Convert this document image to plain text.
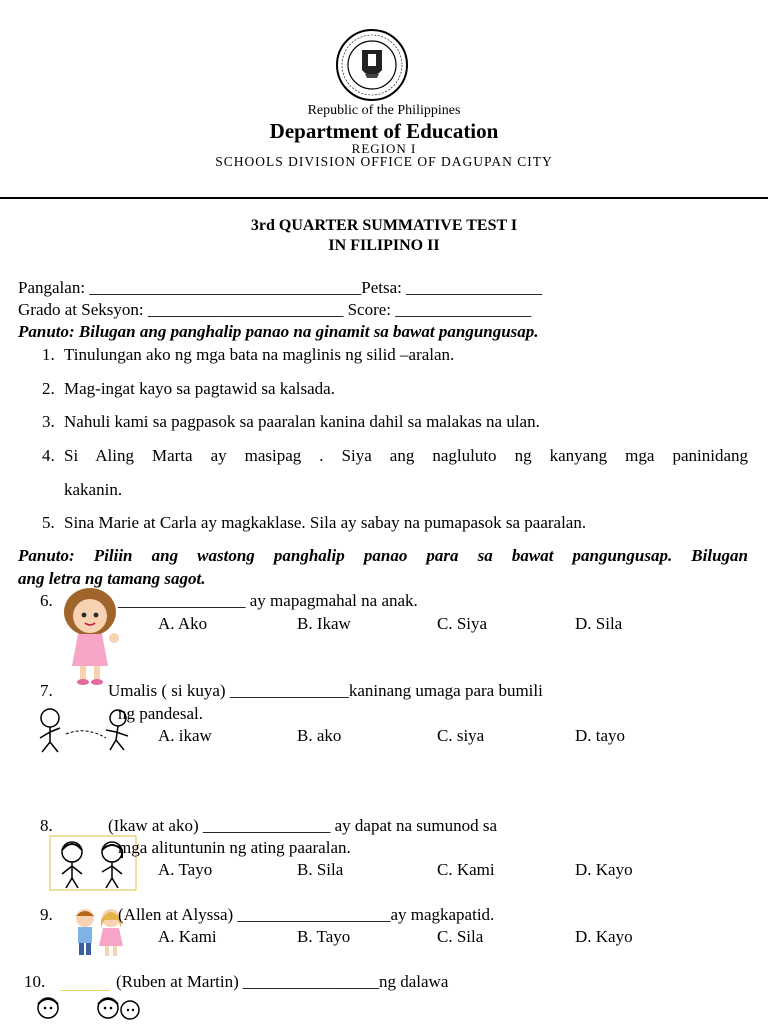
Republic of the Philippines
Department of Education
REGION I
SCHOOLS DIVISION OFFICE OF DAGUPAN CITY
3rd QUARTER SUMMATIVE TEST I
IN FILIPINO II
Pangalan: ________________________________Petsa: ________________
Grado at Seksyon: _______________________ Score: ________________
Panuto: Bilugan ang panghalip panao na ginamit sa bawat pangungusap.
1. Tinulungan ako ng mga bata na maglinis ng silid –aralan.
2. Mag-ingat kayo sa pagtawid sa kalsada.
3. Nahuli kami sa pagpasok sa paaralan kanina dahil sa malakas na ulan.
4. Si Aling Marta ay masipag . Siya ang nagluluto ng kanyang mga paninidang
kakanin.
5. Sina Marie at Carla ay magkaklase. Sila ay sabay na pumapasok sa paaralan.
Panuto: Piliin ang wastong panghalip panao para sa bawat pangungusap. Bilugan
ang letra ng tamang sagot.
6.	_______________ ay mapagmahal na anak.
A. Ako	B. Ikaw	C. Siya	D. Sila
7.	Umalis ( si kuya) ______________kaninang umaga para bumili
ng pandesal.
A. ikaw	B. ako	C. siya	D. tayo
8.	(Ikaw at ako) _______________ ay dapat na sumunod sa
mga alituntunin ng ating paaralan.
A. Tayo	B. Sila	C. Kami	D. Kayo
9.	(Allen at Alyssa) __________________ay magkapatid.
A. Kami	B. Tayo	C. Sila	D. Kayo
10.	(Ruben at Martin) ________________ng dalawa
